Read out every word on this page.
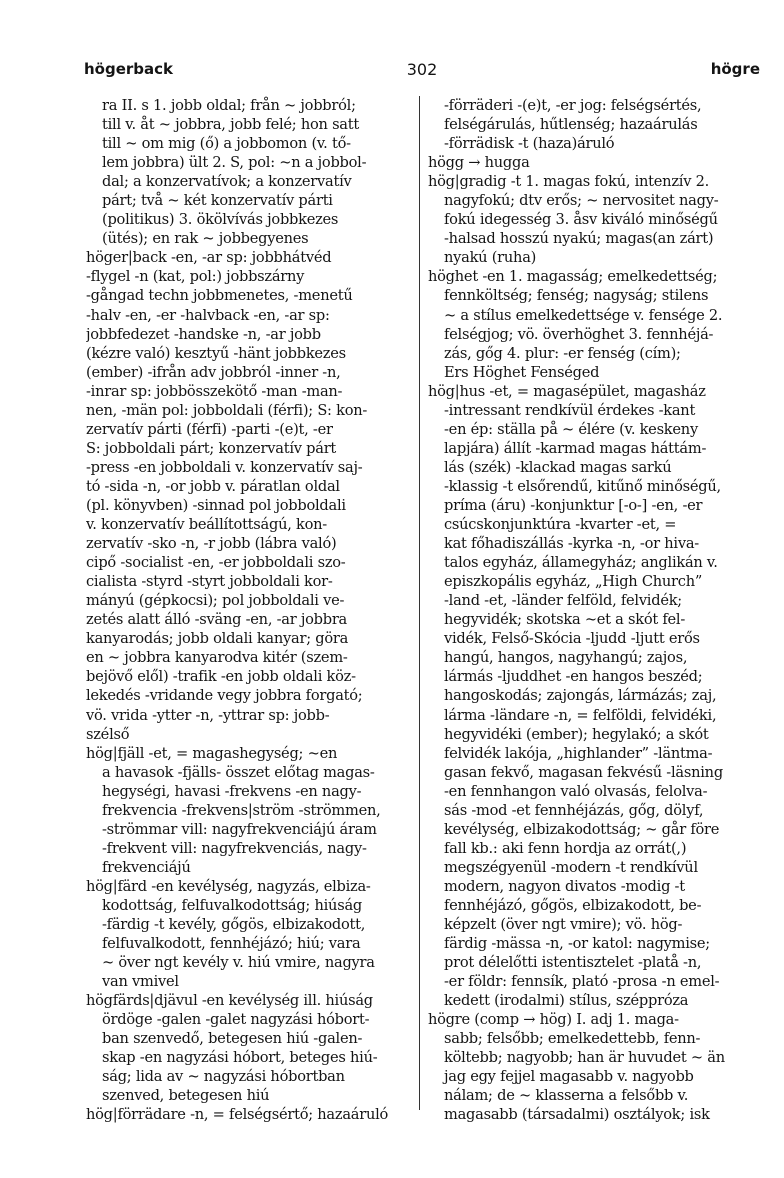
högerback	302	högre
ra II. s 1. jobb oldal; från ~ jobbról;
till v. åt ~ jobbra, jobb felé; hon satt
till ~ om mig (ő) a jobbomon (v. tő-
lem jobbra) ült 2. S, pol: ~n a jobbol-
dal; a konzervatívok; a konzervatív
párt; två ~ két konzervatív párti
(politikus) 3. ökölvívás jobbkezes
(ütés); en rak ~ jobbegyenes
höger|back -en, -ar sp: jobbhátvéd
-flygel -n (kat, pol:) jobbszárny
-gångad techn jobbmenetes, -menetű
-halv -en, -er -halvback -en, -ar sp:
jobbfedezet -handske -n, -ar jobb
(kézre való) kesztyű -hänt jobbkezes
(ember) -ifrån adv jobbról -inner -n,
-inrar sp: jobbösszekötő -man -man-
nen, -män pol: jobboldali (férfi); S: kon-
zervatív párti (férfi) -parti -(e)t, -er
S: jobboldali párt; konzervatív párt
-press -en jobboldali v. konzervatív saj-
tó -sida -n, -or jobb v. páratlan oldal
(pl. könyvben) -sinnad pol jobboldali
v. konzervatív beállítottságú, kon-
zervatív -sko -n, -r jobb (lábra való)
cipő -socialist -en, -er jobboldali szo-
cialista -styrd -styrt jobboldali kor-
mányú (gépkocsi); pol jobboldali ve-
zetés alatt álló -sväng -en, -ar jobbra
kanyarodás; jobb oldali kanyar; göra
en ~ jobbra kanyarodva kitér (szem-
bejövő elől) -trafik -en jobb oldali köz-
lekedés -vridande vegy jobbra forgató;
vö. vrida -ytter -n, -yttrar sp: jobb-
szélső
hög|fjäll -et, = magashegység; ~en
a havasok -fjälls- összet előtag magas-
hegységi, havasi -frekvens -en nagy-
frekvencia -frekvens|ström -strömmen,
-strömmar vill: nagyfrekvenciájú áram
-frekvent vill: nagyfrekvenciás, nagy-
frekvenciájú
hög|färd -en kevélység, nagyzás, elbiza-
kodottság, felfuvalkodottság; hiúság
-färdig -t kevély, gőgös, elbizakodott,
felfuvalkodott, fennhéjázó; hiú; vara
~ över ngt kevély v. hiú vmire, nagyra
van vmivel
högfärds|djävul -en kevélység ill. hiúság
ördöge -galen -galet nagyzási hóbort-
ban szenvedő, betegesen hiú -galen-
skap -en nagyzási hóbort, beteges hiú-
ság; lida av ~ nagyzási hóbortban
szenved, betegesen hiú
hög|förrädare -n, = felségsértő; hazaáruló
-förräderi -(e)t, -er jog: felségsértés,
felségárulás, hűtlenség; hazaárulás
-förrädisk -t (haza)áruló
högg → hugga
hög|gradig -t 1. magas fokú, intenzív 2.
nagyfokú; dtv erős; ~ nervositet nagy-
fokú idegesség 3. åsv kiváló minőségű
-halsad hosszú nyakú; magas(an zárt)
nyakú (ruha)
höghet -en 1. magasság; emelkedettség;
fennköltség; fenség; nagyság; stilens
~ a stílus emelkedettsége v. fensége 2.
felségjog; vö. överhöghet 3. fennhéjá-
zás, gőg 4. plur: -er fenség (cím);
Ers Höghet Fenséged
hög|hus -et, = magasépület, magasház
-intressant rendkívül érdekes -kant
-en ép: ställa på ~ élére (v. keskeny
lapjára) állít -karmad magas háttám-
lás (szék) -klackad magas sarkú
-klassig -t elsőrendű, kitűnő minőségű,
príma (áru) -konjunktur [-o-] -en, -er
csúcskonjunktúra -kvarter -et, =
kat főhadiszállás -kyrka -n, -or hiva-
talos egyház, államegyház; anglikán v.
episzkopális egyház, „High Church”
-land -et, -länder felföld, felvidék;
hegyvidék; skotska ~et a skót fel-
vidék, Felső-Skócia -ljudd -ljutt erős
hangú, hangos, nagyhangú; zajos,
lármás -ljuddhet -en hangos beszéd;
hangoskodás; zajongás, lármázás; zaj,
lárma -ländare -n, = felföldi, felvidéki,
hegyvidéki (ember); hegylakó; a skót
felvidék lakója, „highlander” -läntma-
gasan fekvő, magasan fekvésű -läsning
-en fennhangon való olvasás, felolva-
sás -mod -et fennhéjázás, gőg, dölyf,
kevélység, elbizakodottság; ~ går före
fall kb.: aki fenn hordja az orrát(,)
megszégyenül -modern -t rendkívül
modern, nagyon divatos -modig -t
fennhéjázó, gőgös, elbizakodott, be-
képzelt (över ngt vmire); vö. hög-
färdig -mässa -n, -or katol: nagymise;
prot délelőtti istentisztelet -platå -n,
-er földr: fennsík, plató -prosa -n emel-
kedett (irodalmi) stílus, széppróza
högre (comp → hög) I. adj 1. maga-
sabb; felsőbb; emelkedettebb, fenn-
költebb; nagyobb; han är huvudet ~ än
jag egy fejjel magasabb v. nagyobb
nálam; de ~ klasserna a felsőbb v.
magasabb (társadalmi) osztályok; isk
